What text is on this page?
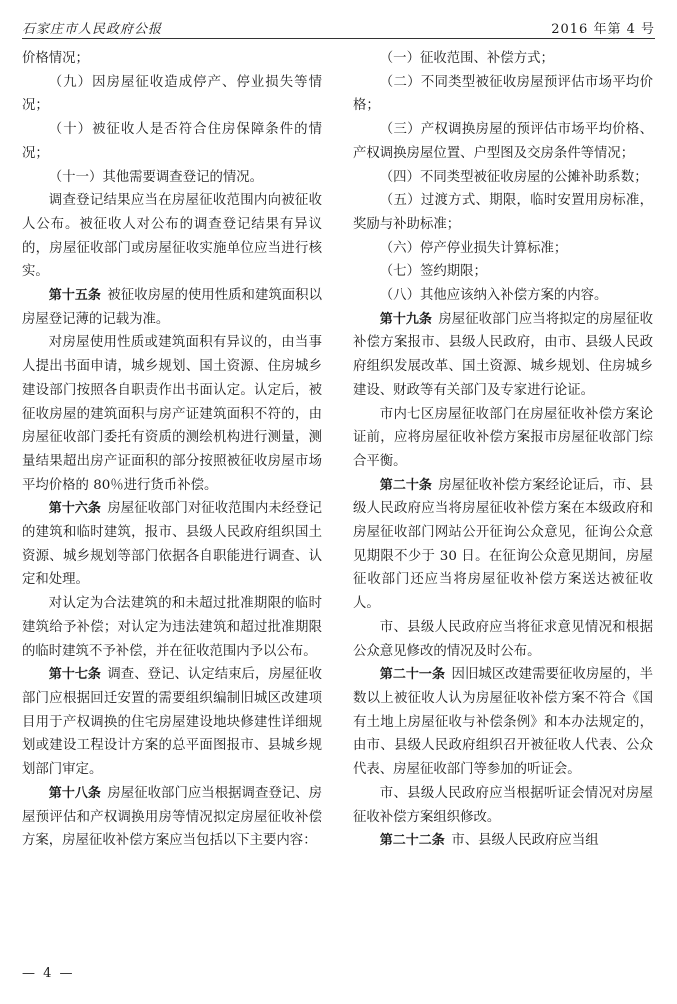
石家庄市人民政府公报	2016 年第 4 号

价格情况；

（九）因房屋征收造成停产、停业损失等情况；

（十）被征收人是否符合住房保障条件的情况；

（十一）其他需要调查登记的情况。

调查登记结果应当在房屋征收范围内向被征收人公布。被征收人对公布的调查登记结果有异议的，房屋征收部门或房屋征收实施单位应当进行核实。

第十五条 被征收房屋的使用性质和建筑面积以房屋登记薄的记载为准。

对房屋使用性质或建筑面积有异议的，由当事人提出书面申请，城乡规划、国土资源、住房城乡建设部门按照各自职责作出书面认定。认定后，被征收房屋的建筑面积与房产证建筑面积不符的，由房屋征收部门委托有资质的测绘机构进行测量，测量结果超出房产证面积的部分按照被征收房屋市场平均价格的 80％进行货币补偿。

第十六条 房屋征收部门对征收范围内未经登记的建筑和临时建筑，报市、县级人民政府组织国土资源、城乡规划等部门依据各自职能进行调查、认定和处理。

对认定为合法建筑的和未超过批准期限的临时建筑给予补偿；对认定为违法建筑和超过批准期限的临时建筑不予补偿，并在征收范围内予以公布。

第十七条 调查、登记、认定结束后，房屋征收部门应根据回迁安置的需要组织编制旧城区改建项目用于产权调换的住宅房屋建设地块修建性详细规划或建设工程设计方案的总平面图报市、县城乡规划部门审定。

第十八条 房屋征收部门应当根据调查登记、房屋预评估和产权调换用房等情况拟定房屋征收补偿方案，房屋征收补偿方案应当包括以下主要内容：

（一）征收范围、补偿方式；

（二）不同类型被征收房屋预评估市场平均价格；

（三）产权调换房屋的预评估市场平均价格、产权调换房屋位置、户型图及交房条件等情况；

（四）不同类型被征收房屋的公摊补助系数；

（五）过渡方式、期限，临时安置用房标准，奖励与补助标准；

（六）停产停业损失计算标准；

（七）签约期限；

（八）其他应该纳入补偿方案的内容。

第十九条 房屋征收部门应当将拟定的房屋征收补偿方案报市、县级人民政府，由市、县级人民政府组织发展改革、国土资源、城乡规划、住房城乡建设、财政等有关部门及专家进行论证。

市内七区房屋征收部门在房屋征收补偿方案论证前，应将房屋征收补偿方案报市房屋征收部门综合平衡。

第二十条 房屋征收补偿方案经论证后，市、县级人民政府应当将房屋征收补偿方案在本级政府和房屋征收部门网站公开征询公众意见，征询公众意见期限不少于 30 日。在征询公众意见期间，房屋征收部门还应当将房屋征收补偿方案送达被征收人。

市、县级人民政府应当将征求意见情况和根据公众意见修改的情况及时公布。

第二十一条 因旧城区改建需要征收房屋的，半数以上被征收人认为房屋征收补偿方案不符合《国有土地上房屋征收与补偿条例》和本办法规定的，由市、县级人民政府组织召开被征收人代表、公众代表、房屋征收部门等参加的听证会。

市、县级人民政府应当根据听证会情况对房屋征收补偿方案组织修改。

第二十二条 市、县级人民政府应当组

— 4 —
